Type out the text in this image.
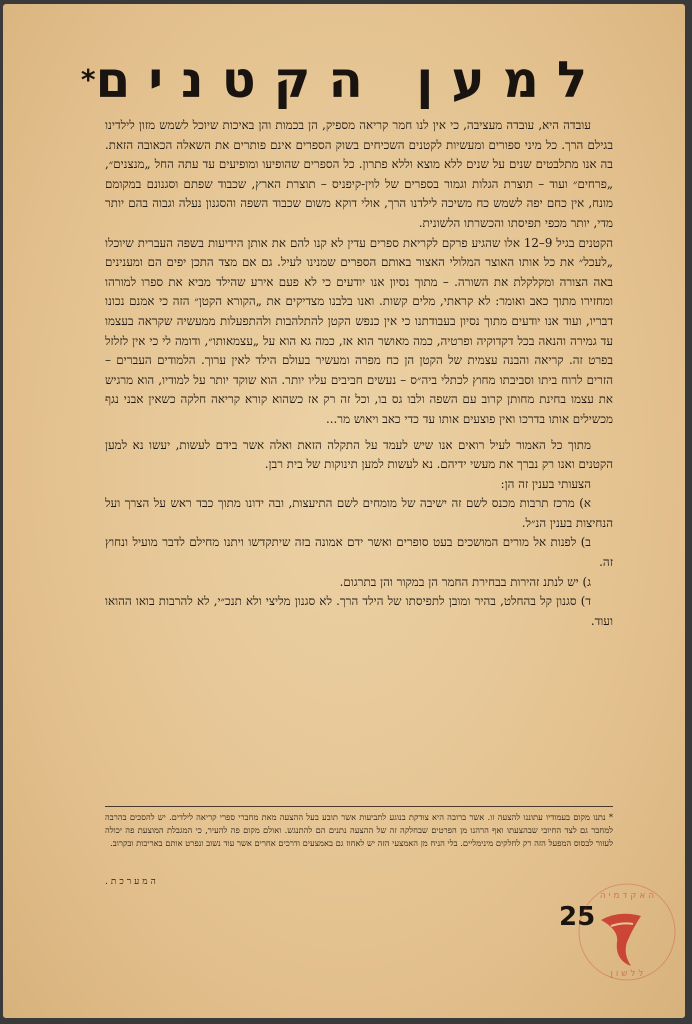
למען הקטנים*

עובדה היא, עובדה מעציבה, כי אין לנו חמר קריאה מספיק, הן בכמות והן באיכות שיוכל לשמש מזון לילדינו בגילם הרך. כל מיני ספורים ומעשיות לקטנים השכיחים בשוק הספרים אינם פותרים את השאלה הכאובה הזאת. בה אנו מתלבטים שנים על שנים ללא מוצא וללא פתרון. כל הספרים שהופיעו ומופיעים עד עתה החל „מנצנים״, „פרחים״ ועוד – תוצרת הגלות וגמור בספרים של לוין-קיפניס – תוצרת הארץ, שכבוד שפתם וסגנונם במקומם מונח, אין כחם יפה לשמש כח משיכה לילדנו הרך, אולי דוקא משום שכבוד השפה והסגנון נעלה וגבוה בהם יותר מדי, יותר מכפי תפיסתו והכשרתו הלשונית.

הקטנים בגיל 9–12 אלו שהגיע פרקם לקריאת ספרים עדין לא קנו להם את אותן הידיעות בשפה העברית שיוכלו „לעכל״ את כל אותו האוצר המלולי האצור באותם הספרים שמנינו לעיל. גם אם מצד התכן יפים הם ומענינים באה הצורה ומקלקלת את השורה. – מתוך נסיון אנו יודעים כי לא פעם אירע שהילד מביא את ספרו למורהו ומחזירו מתוך כאב ואומר: לא קראתי, מלים קשות. ואנו בלבנו מצדיקים את „הקורא הקטן״ הזה כי אמנם נכונו דבריו, ועוד אנו יודעים מתוך נסיון בעבודתנו כי אין כנפש הקטן להתלהבות ולהתפעלות ממעשיה שקראה בעצמו עד גמירה והנאה בכל דקדוקיה ופרטיה, כמה מאושר הוא אז, כמה גא הוא על „עצמאותו״, ודומה לי כי אין לזלזל בפרט זה. קריאה והבנה עצמית של הקטן הן כח מפרה ומעשיר בעולם הילד לאין ערוך. הלמודים העברים – הזרים לרוח ביתו וסביבתו מחוץ לכתלי ביה״ס – נעשים חביבים עליו יותר. הוא שוקד יותר על למודיו, הוא מרגיש את עצמו בחינת מחותן קרוב עם השפה ולבו גס בו, וכל זה רק אז כשהוא קורא קריאה חלקה כשאין אבני נגף מכשילים אותו בדרכו ואין פוצעים אותו עד כדי כאב ויאוש מר...

מתוך כל האמור לעיל רואים אנו שיש לעמד על התקלה הזאת ואלה אשר בידם לעשות, יעשו נא למען הקטנים ואנו רק נברך את מעשי ידיהם. נא לעשות למען תינוקות של בית רבן.

הצעותי בענין זה הן:

א) מרכז תרבות מכנס לשם זה ישיבה של מומחים לשם התיעצות, ובה ידונו מתוך כבד ראש על הצרך ועל הנחיצות בענין הנ״ל.

ב) לפנות אל מורים המושכים בעט סופרים ואשר ידם אמונה בזה שיתקדשו ויתנו מחילם לדבר מועיל ונחוץ זה.

ג) יש לנתנ זהירות בבחירת החמר הן במקור והן בתרגום.

ד) סגנון קל בהחלט, בהיר ומובן לתפיסתו של הילד הרך. לא סגנון מליצי ולא תנכ״י, לא להרבות בואו ההואו ועוד.

* נתנו מקום בעמודיו עתוננו להצעה זו. אשר ברובה היא צודקת בנוגע לתביעות אשר תובע בעל ההצעה מאת מחברי ספרי קריאה לילדים. יש להסכים בהרבה למחבר גם לצד החיובי שבהצעתו ואף הרהנו מן הפרטים שבחלקה זה של ההצעה נתנים הם להתנגש. ואולם מקום פה להעיר, כי המגבלת המוצעת פה יכולה לעזור לבסוס המפעל הזה רק לחלקים מינימליים. בלי הניח מן האמצעי הזה יש לאחוז גם באמצעים ודרכים אחרים אשר עוד נשוב ונפרט אותם באריכות ובקרוב.

המערכת.
25
ה א ק ד מ י ה
ל ל ש ו ן
